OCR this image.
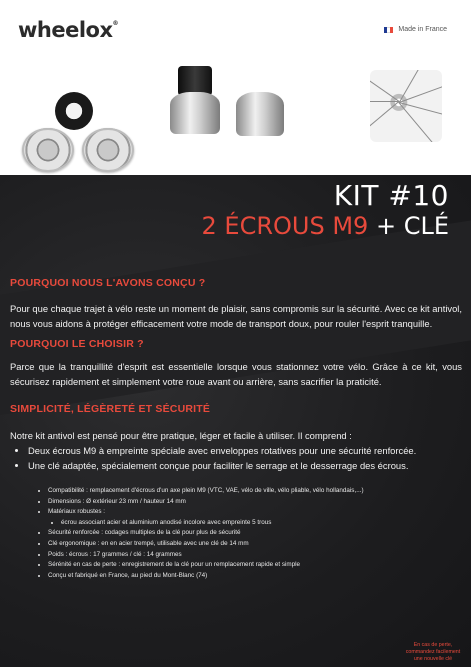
wheelox®
Made in France
KIT #10
2 ÉCROUS M9 + CLÉ
POURQUOI NOUS L'AVONS CONÇU ?

Pour que chaque trajet à vélo reste un moment de plaisir, sans compromis sur la sécurité. Avec ce kit antivol, nous vous aidons à protéger efficacement votre mode de transport doux, pour rouler l'esprit tranquille.

POURQUOI LE CHOISIR ?

Parce que la tranquillité d'esprit est essentielle lorsque vous stationnez votre vélo. Grâce à ce kit, vous sécurisez rapidement et simplement votre roue avant ou arrière, sans sacrifier la praticité.

SIMPLICITÉ, LÉGÈRETÉ ET SÉCURITÉ

Notre kit antivol est pensé pour être pratique, léger et facile à utiliser. Il comprend :

• Deux écrous M9 à empreinte spéciale avec enveloppes rotatives pour une sécurité renforcée.
• Une clé adaptée, spécialement conçue pour faciliter le serrage et le desserrage des écrous.
• Compatibilité : remplacement d'écrous d'un axe plein M9 (VTC, VAE, vélo de ville, vélo pliable, vélo hollandais,...)
• Dimensions : Ø extérieur 23 mm / hauteur 14 mm
• Matériaux robustes :
• écrou associant acier et aluminium anodisé incolore avec empreinte 5 trous
• Sécurité renforcée : codages multiples de la clé pour plus de sécurité
• Clé ergonomique : en en acier trempé, utilisable avec une clé de 14 mm
• Poids : écrous : 17 grammes / clé : 14 grammes
• Sérénité en cas de perte : enregistrement de la clé pour un remplacement rapide et simple
• Conçu et fabriqué en France, au pied du Mont-Blanc (74)
En cas de perte, commandez facilement une nouvelle clé
